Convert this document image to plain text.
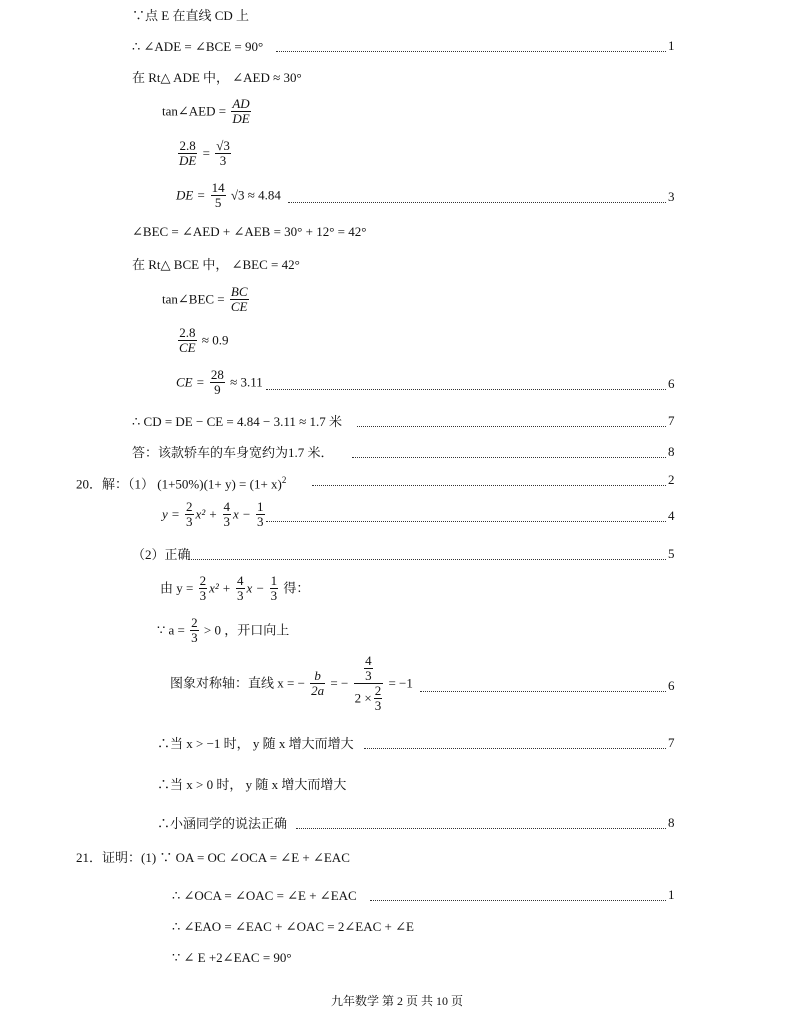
∵点 E 在直线 CD 上
∴ ∠ADE = ∠BCE = 90°	1
在 Rt△ ADE 中， ∠AED ≈ 30°
tan∠AED = $\frac{AD}{DE}$
$\frac{2.8}{DE} = \frac{√3}{3}$
DE = $\frac{14}{5} √3 \approx 4.84$	3
∠BEC = ∠AED + ∠AEB = 30° + 12° = 42°
在 Rt△ BCE 中， ∠BEC = 42°
tan∠BEC = $\frac{BC}{CE}$
$\frac{2.8}{CE} \approx 0.9$
CE = $\frac{28}{9} \approx 3.11$	6
∴ CD = DE − CE = 4.84 − 3.11 ≈ 1.7 米	7
答：该款轿车的车身宽约为1.7 米．	8
20．解：（1） $(1+50\%)(1+ y) = (1+ x)^2$	2
$y = \frac{2}{3} x^2 + \frac{4}{3}$ $x - \frac{1}{3}$	4
（2）正确	5
由 $y = \frac{2}{3} x^2 + \frac{4}{3}$ $x - \frac{1}{3}$ 得：
∵ $a = \frac{2}{3} > 0$ ，开口向上
图象对称轴：直线 x = − $\frac{b}{2a}$ = − $\frac{\frac{4}{3}}{2 \times \frac{2}{3}} = -1$	6
∴当 x > −1 时， y 随 x 增大而增大	7
∴当 x > 0 时， y 随 x 增大而增大
∴小涵同学的说法正确	8
21．证明：(1) ∵ OA = OC ∠OCA = ∠E + ∠EAC
∴ ∠OCA = ∠OAC = ∠E + ∠EAC	1
∴ ∠EAO = ∠EAC + ∠OAC = 2∠EAC + ∠E
∵ ∠ E +2∠EAC = 90°
九年数学 第 2 页 共 10 页
